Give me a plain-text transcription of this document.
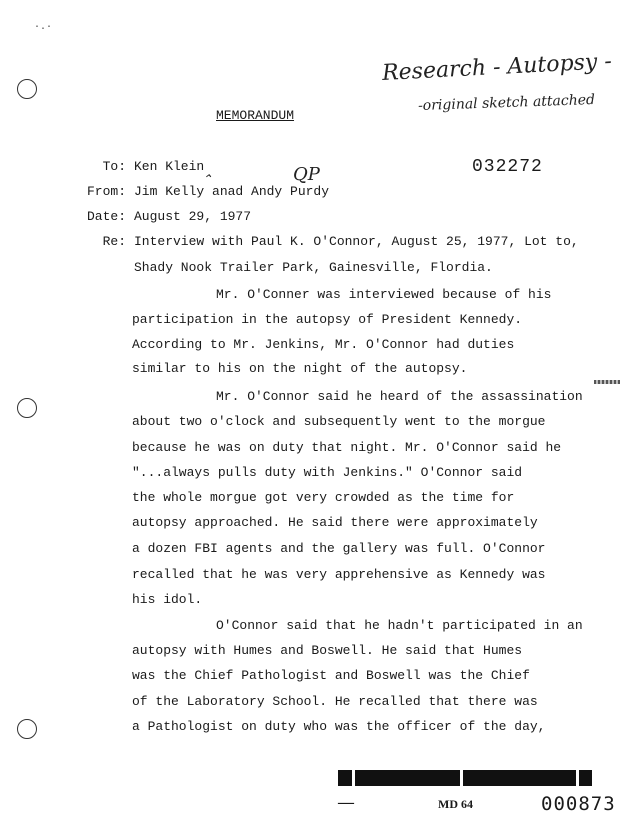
·.·
Research - Autopsy -
-original sketch attached
QP
⌃
MEMORANDUM
032272
To: Ken Klein
From: Jim Kelly anad Andy Purdy
Date: August 29, 1977
Re: Interview with Paul K. O'Connor, August 25, 1977, Lot to,
Shady Nook Trailer Park, Gainesville, Flordia.
Mr. O'Conner was interviewed because of his
participation in the autopsy of President Kennedy.
According to Mr. Jenkins, Mr. O'Connor had duties
similar to his on the night of the autopsy.
Mr. O'Connor said he heard of the assassination
about two o'clock and subsequently went to the morgue
because he was on duty that night. Mr. O'Connor said he
"...always pulls duty with Jenkins." O'Connor said
the whole morgue got very crowded as the time for
autopsy approached. He said there were approximately
a dozen FBI agents and the gallery was full. O'Connor
recalled that he was very apprehensive as Kennedy was
his idol.
O'Connor said that he hadn't participated in an
autopsy with Humes and Boswell. He said that Humes
was the Chief Pathologist and Boswell was the Chief
of the Laboratory School. He recalled that there was
a Pathologist on duty who was the officer of the day,
—	MD 64	000873
